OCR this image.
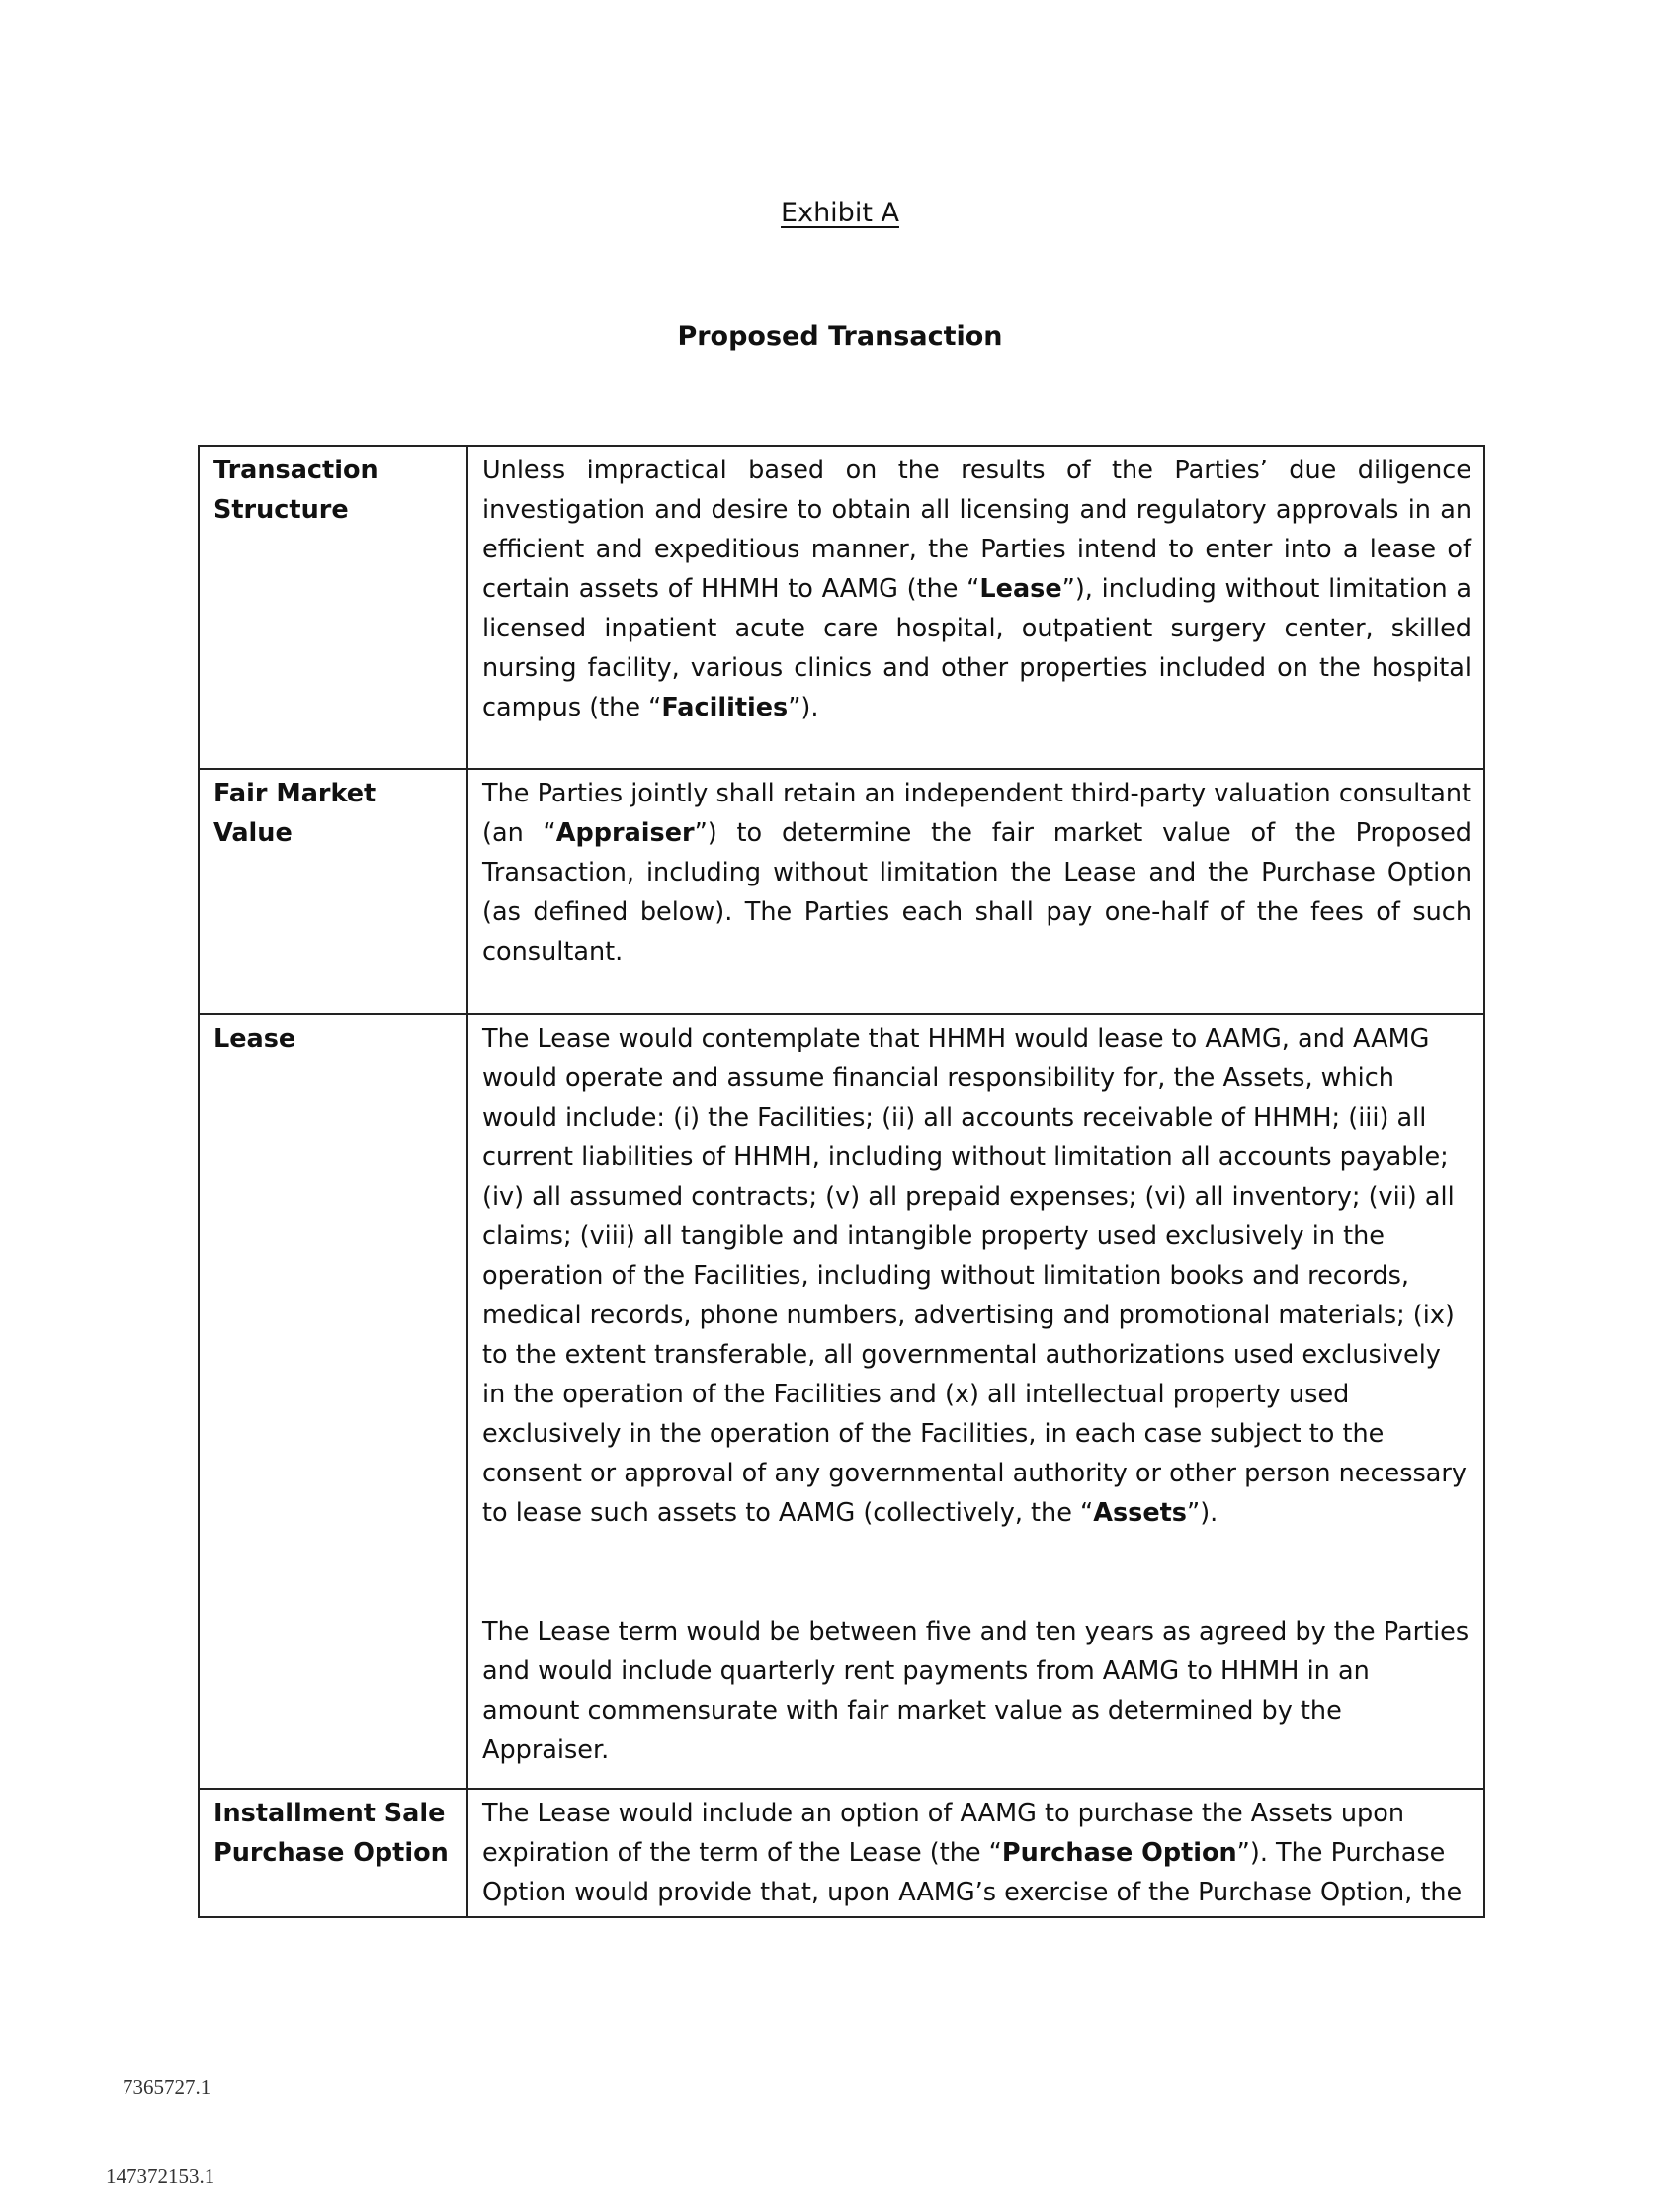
Exhibit A
Proposed Transaction
Transaction
Structure	Unless impractical based on the results of the Parties’ due diligence investigation and desire to obtain all licensing and regulatory approvals in an efficient and expeditious manner, the Parties intend to enter into a lease of certain assets of HHMH to AAMG (the “Lease”), including without limitation a licensed inpatient acute care hospital, outpatient surgery center, skilled nursing facility, various clinics and other properties included on the hospital campus (the “Facilities”).

Fair Market Value	The Parties jointly shall retain an independent third-party valuation consultant (an “Appraiser”) to determine the fair market value of the Proposed Transaction, including without limitation the Lease and the Purchase Option (as defined below). The Parties each shall pay one-half of the fees of such consultant.

Lease	The Lease would contemplate that HHMH would lease to AAMG, and AAMG would operate and assume financial responsibility for, the Assets, which would include: (i) the Facilities; (ii) all accounts receivable of HHMH; (iii) all current liabilities of HHMH, including without limitation all accounts payable; (iv) all assumed contracts; (v) all prepaid expenses; (vi) all inventory; (vii) all claims; (viii) all tangible and intangible property used exclusively in the operation of the Facilities, including without limitation books and records, medical records, phone numbers, advertising and promotional materials; (ix) to the extent transferable, all governmental authorizations used exclusively in the operation of the Facilities and (x) all intellectual property used exclusively in the operation of the Facilities, in each case subject to the consent or approval of any governmental authority or other person necessary to lease such assets to AAMG (collectively, the “Assets”).
The Lease term would be between five and ten years as agreed by the Parties and would include quarterly rent payments from AAMG to HHMH in an amount commensurate with fair market value as determined by the Appraiser.

Installment Sale
Purchase Option	The Lease would include an option of AAMG to purchase the Assets upon expiration of the term of the Lease (the “Purchase Option”). The Purchase Option would provide that, upon AAMG’s exercise of the Purchase Option, the
7365727.1
147372153.1
